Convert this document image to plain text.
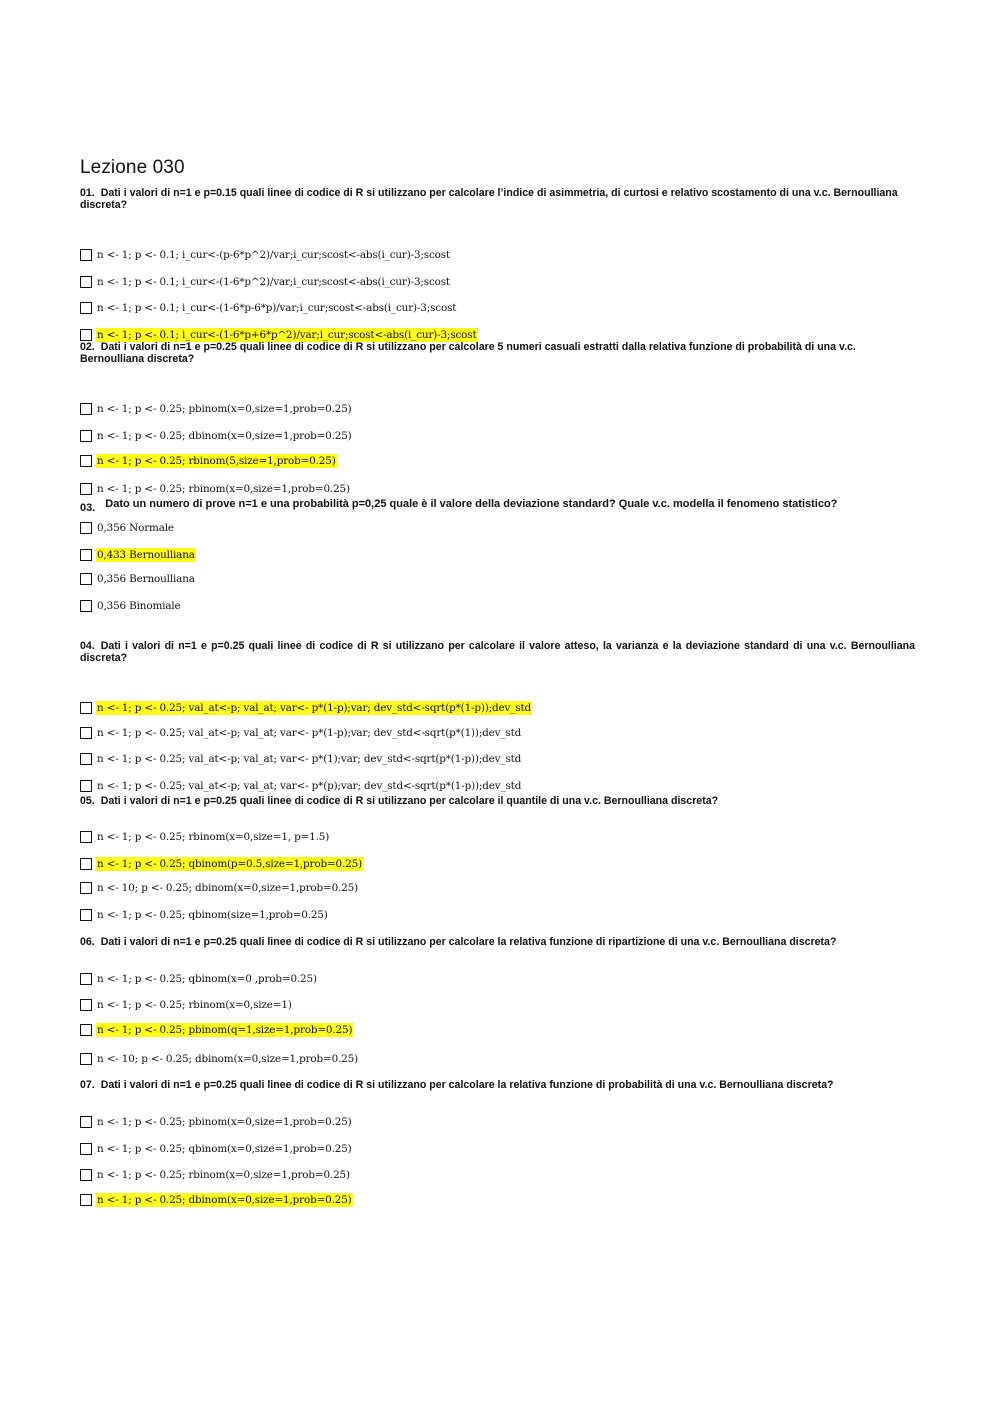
Lezione 030
01. Dati i valori di n=1 e p=0.15 quali linee di codice di R si utilizzano per calcolare l’indice di asimmetria, di curtosi e relativo scostamento di una v.c. Bernoulliana discreta?
n <- 1; p <- 0.1; i_cur<-(p-6*p^2)/var;i_cur;scost<-abs(i_cur)-3;scost
n <- 1; p <- 0.1; i_cur<-(1-6*p^2)/var;i_cur;scost<-abs(i_cur)-3;scost
n <- 1; p <- 0.1; i_cur<-(1-6*p-6*p)/var;i_cur;scost<-abs(i_cur)-3;scost
n <- 1; p <- 0.1; i_cur<-(1-6*p+6*p^2)/var;i_cur;scost<-abs(i_cur)-3;scost
02. Dati i valori di n=1 e p=0.25 quali linee di codice di R si utilizzano per calcolare 5 numeri casuali estratti dalla relativa funzione di probabilità di una v.c. Bernoulliana discreta?
n <- 1; p <- 0.25; pbinom(x=0,size=1,prob=0.25)
n <- 1; p <- 0.25; dbinom(x=0,size=1,prob=0.25)
n <- 1; p <- 0.25; rbinom(5,size=1,prob=0.25)
n <- 1; p <- 0.25; rbinom(x=0,size=1,prob=0.25)
03. Dato un numero di prove n=1 e una probabilità p=0,25 quale è il valore della deviazione standard? Quale v.c. modella il fenomeno statistico?
0,356 Normale
0,433 Bernoulliana
0,356 Bernoulliana
0,356 Binomiale
04. Dati i valori di n=1 e p=0.25 quali linee di codice di R si utilizzano per calcolare il valore atteso, la varianza e la deviazione standard di una v.c. Bernoulliana discreta?
n <- 1; p <- 0.25; val_at<-p; val_at; var<- p*(1-p);var; dev_std<-sqrt(p*(1-p));dev_std
n <- 1; p <- 0.25; val_at<-p; val_at; var<- p*(1-p);var; dev_std<-sqrt(p*(1));dev_std
n <- 1; p <- 0.25; val_at<-p; val_at; var<- p*(1);var; dev_std<-sqrt(p*(1-p));dev_std
n <- 1; p <- 0.25; val_at<-p; val_at; var<- p*(p);var; dev_std<-sqrt(p*(1-p));dev_std
05. Dati i valori di n=1 e p=0.25 quali linee di codice di R si utilizzano per calcolare il quantile di una v.c. Bernoulliana discreta?
n <- 1; p <- 0.25; rbinom(x=0,size=1, p=1.5)
n <- 1; p <- 0.25; qbinom(p=0.5,size=1,prob=0.25)
n <- 10; p <- 0.25; dbinom(x=0,size=1,prob=0.25)
n <- 1; p <- 0.25; qbinom(size=1,prob=0.25)
06. Dati i valori di n=1 e p=0.25 quali linee di codice di R si utilizzano per calcolare la relativa funzione di ripartizione di una v.c. Bernoulliana discreta?
n <- 1; p <- 0.25; qbinom(x=0 ,prob=0.25)
n <- 1; p <- 0.25; rbinom(x=0,size=1)
n <- 1; p <- 0.25; pbinom(q=1,size=1,prob=0.25)
n <- 10; p <- 0.25; dbinom(x=0,size=1,prob=0.25)
07. Dati i valori di n=1 e p=0.25 quali linee di codice di R si utilizzano per calcolare la relativa funzione di probabilità di una v.c. Bernoulliana discreta?
n <- 1; p <- 0.25; pbinom(x=0,size=1,prob=0.25)
n <- 1; p <- 0.25; qbinom(x=0,size=1,prob=0.25)
n <- 1; p <- 0.25; rbinom(x=0,size=1,prob=0.25)
n <- 1; p <- 0.25; dbinom(x=0,size=1,prob=0.25)
